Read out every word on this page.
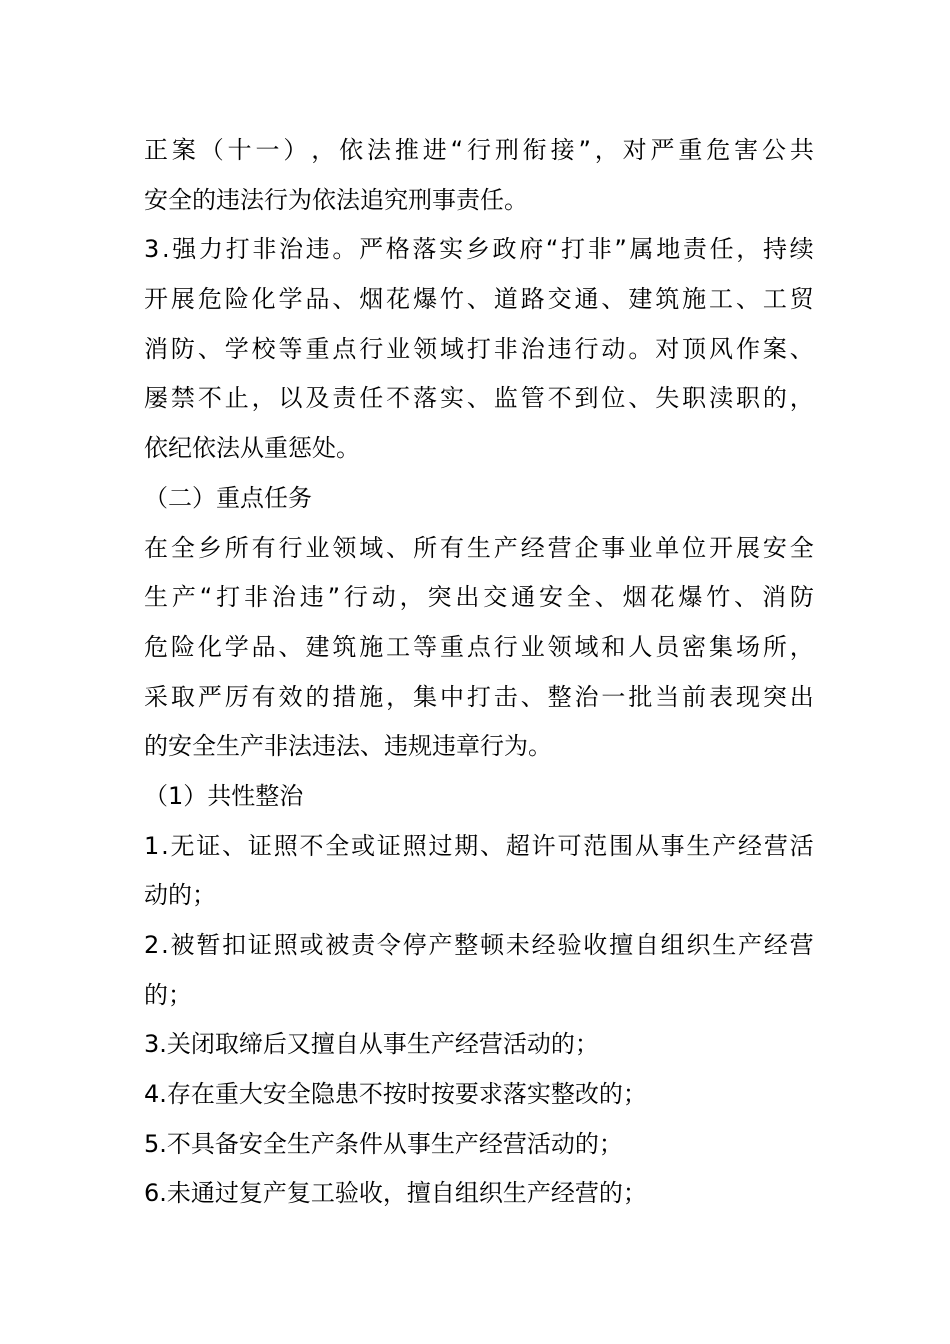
正 案 （ 十 一 ） ， 依 法 推 进 “ 行 刑 衔 接 ” ， 对 严 重 危 害 公 共
安全的违法行为依法追究刑事责任。
3 . 强 力 打 非 治 违 。 严 格 落 实 乡 政 府 “ 打 非 ” 属 地 责 任 ， 持 续
开 展 危 险 化 学 品 、 烟 花 爆 竹 、 道 路 交 通 、 建 筑 施 工 、 工 贸
消 防 、 学 校 等 重 点 行 业 领 域 打 非 治 违 行 动 。 对 顶 风 作 案 、
屡 禁 不 止 ， 以 及 责 任 不 落 实 、 监 管 不 到 位 、 失 职 渎 职 的 ，
依纪依法从重惩处。
（二）重点任务
在 全 乡 所 有 行 业 领 域 、 所 有 生 产 经 营 企 事 业 单 位 开 展 安 全
生 产 “ 打 非 治 违 ” 行 动 ， 突 出 交 通 安 全 、 烟 花 爆 竹 、 消 防
危 险 化 学 品 、 建 筑 施 工 等 重 点 行 业 领 域 和 人 员 密 集 场 所 ，
采 取 严 厉 有 效 的 措 施 ， 集 中 打 击 、 整 治 一 批 当 前 表 现 突 出
的安全生产非法违法、违规违章行为。
（1）共性整治
1 . 无 证 、 证 照 不 全 或 证 照 过 期 、 超 许 可 范 围 从 事 生 产 经 营 活
动的；
2 . 被 暂 扣 证 照 或 被 责 令 停 产 整 顿 未 经 验 收 擅 自 组 织 生 产 经 营
的；
3.关闭取缔后又擅自从事生产经营活动的；
4.存在重大安全隐患不按时按要求落实整改的；
5.不具备安全生产条件从事生产经营活动的；
6.未通过复产复工验收，擅自组织生产经营的；
